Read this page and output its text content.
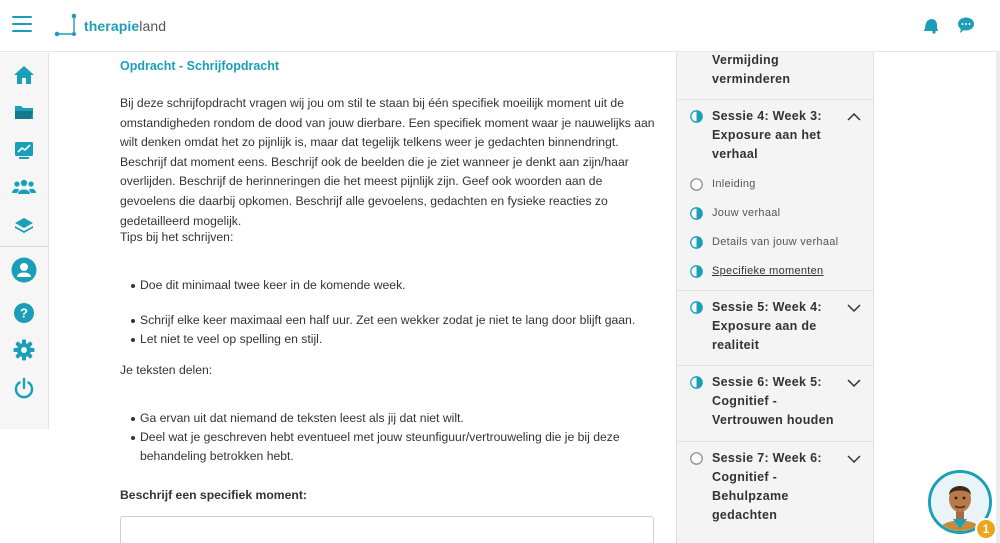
therapieland
?
Opdracht - Schrijfopdracht
Bij deze schrijfopdracht vragen wij jou om stil te staan bij één specifiek moeilijk moment uit de omstandigheden rondom de dood van jouw dierbare. Een specifiek moment waar je nauwelijks aan wilt denken omdat het zo pijnlijk is, maar dat tegelijk telkens weer je gedachten binnendringt. Beschrijf dat moment eens. Beschrijf ook de beelden die je ziet wanneer je denkt aan zijn/haar overlijden. Beschrijf de herinneringen die het meest pijnlijk zijn. Geef ook woorden aan de gevoelens die daarbij opkomen. Beschrijf alle gevoelens, gedachten en fysieke reacties zo gedetailleerd mogelijk.
Tips bij het schrijven:
Doe dit minimaal twee keer in de komende week.
Schrijf elke keer maximaal een half uur. Zet een wekker zodat je niet te lang door blijft gaan.
Let niet te veel op spelling en stijl.
Je teksten delen:
Ga ervan uit dat niemand de teksten leest als jij dat niet wilt.
Deel wat je geschreven hebt eventueel met jouw steunfiguur/vertrouweling die je bij deze behandeling betrokken hebt.
Beschrijf een specifiek moment:
Vermijding verminderen
Sessie 4: Week 3: Exposure aan het verhaal
Inleiding
Jouw verhaal
Details van jouw verhaal
Specifieke momenten
Sessie 5: Week 4: Exposure aan de realiteit
Sessie 6: Week 5: Cognitief - Vertrouwen houden
Sessie 7: Week 6: Cognitief - Behulpzame gedachten
1
